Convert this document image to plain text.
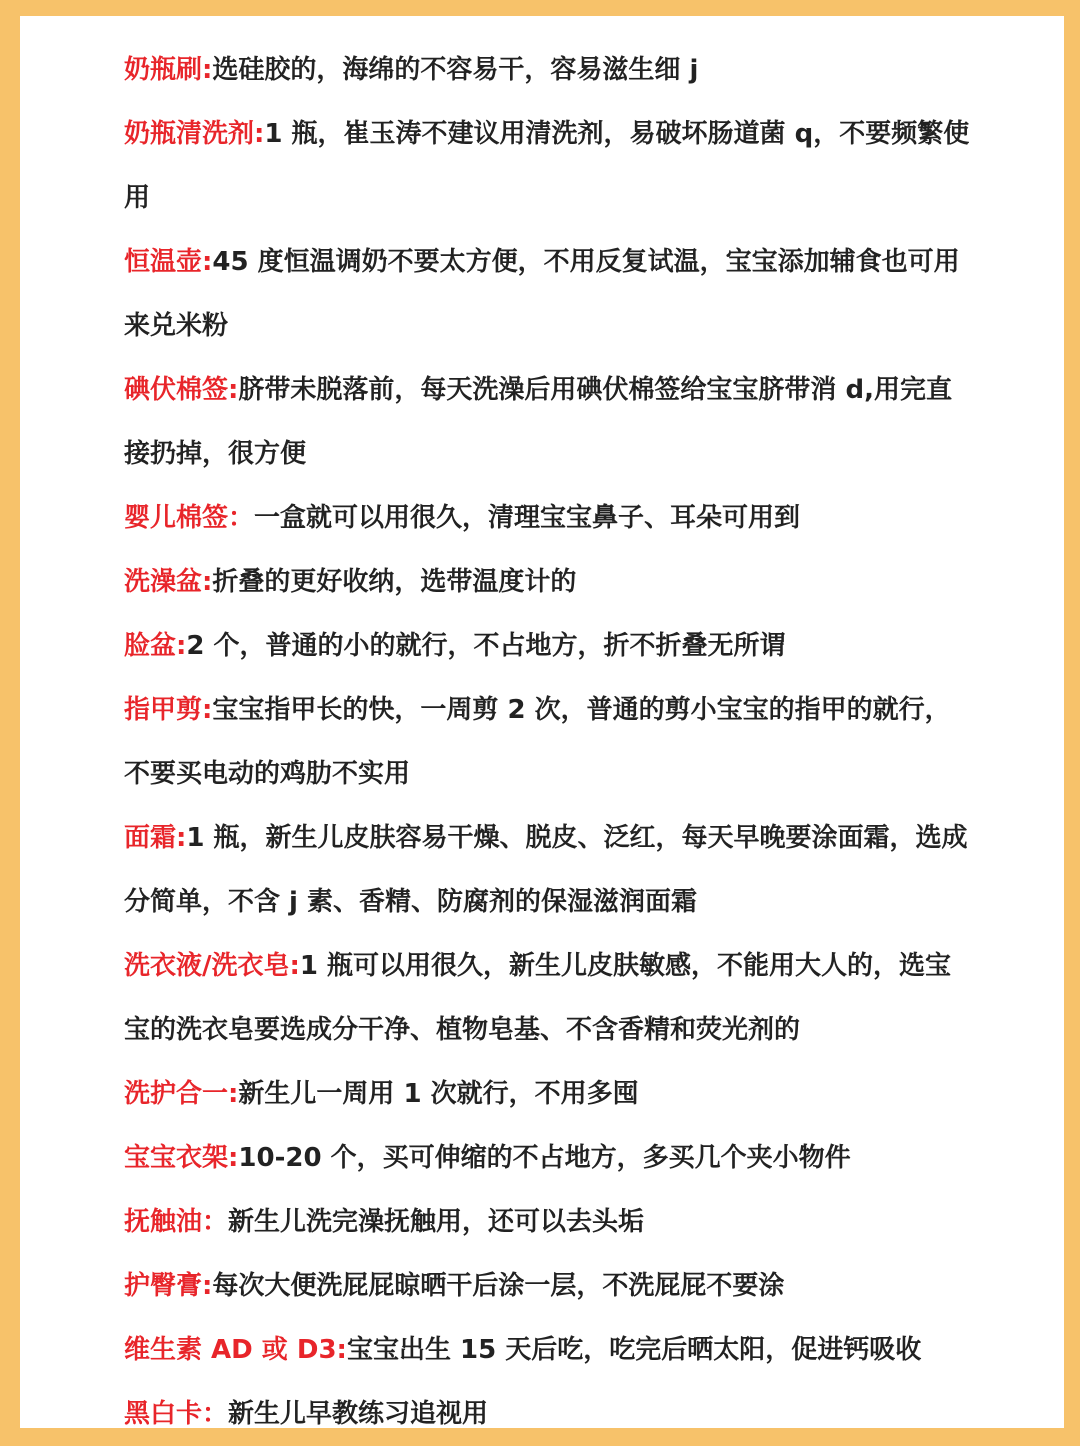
奶瓶刷:选硅胶的，海绵的不容易干，容易滋生细 j

奶瓶清洗剂:1 瓶，崔玉涛不建议用清洗剂，易破坏肠道菌 q，不要频繁使用

恒温壶:45 度恒温调奶不要太方便，不用反复试温，宝宝添加辅食也可用来兑米粉

碘伏棉签:脐带未脱落前，每天洗澡后用碘伏棉签给宝宝脐带消 d,用完直接扔掉，很方便

婴儿棉签：一盒就可以用很久，清理宝宝鼻子、耳朵可用到

洗澡盆:折叠的更好收纳，选带温度计的

脸盆:2 个，普通的小的就行，不占地方，折不折叠无所谓

指甲剪:宝宝指甲长的快，一周剪 2 次，普通的剪小宝宝的指甲的就行，不要买电动的鸡肋不实用

面霜:1 瓶，新生儿皮肤容易干燥、脱皮、泛红，每天早晚要涂面霜，选成分简单，不含 j 素、香精、防腐剂的保湿滋润面霜

洗衣液/洗衣皂:1 瓶可以用很久，新生儿皮肤敏感，不能用大人的，选宝宝的洗衣皂要选成分干净、植物皂基、不含香精和荧光剂的

洗护合一:新生儿一周用 1 次就行，不用多囤

宝宝衣架:10-20 个，买可伸缩的不占地方，多买几个夹小物件

抚触油：新生儿洗完澡抚触用，还可以去头垢

护臀膏:每次大便洗屁屁晾晒干后涂一层，不洗屁屁不要涂

维生素 AD 或 D3:宝宝出生 15 天后吃，吃完后晒太阳，促进钙吸收

黑白卡：新生儿早教练习追视用
